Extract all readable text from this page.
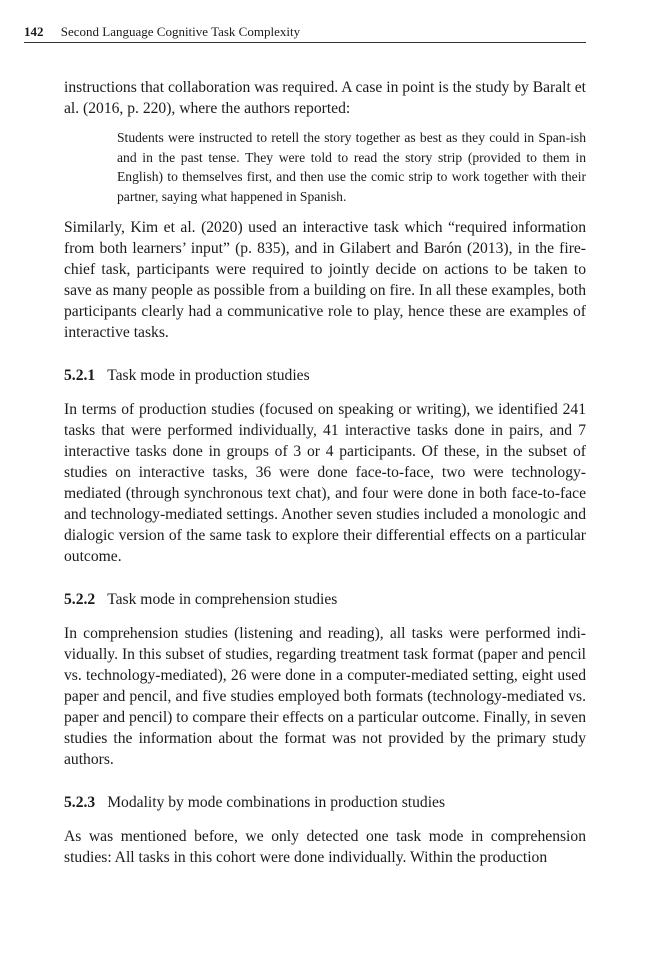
142 Second Language Cognitive Task Complexity

instructions that collaboration was required. A case in point is the study by Baralt et al. (2016, p. 220), where the authors reported:

Students were instructed to retell the story together as best as they could in Span-ish and in the past tense. They were told to read the story strip (provided to them in English) to themselves first, and then use the comic strip to work together with their partner, saying what happened in Spanish.

Similarly, Kim et al. (2020) used an interactive task which “required information from both learners’ input” (p. 835), and in Gilabert and Barón (2013), in the fire-chief task, participants were required to jointly decide on actions to be taken to save as many people as possible from a building on fire. In all these examples, both participants clearly had a communicative role to play, hence these are examples of interactive tasks.

5.2.1 Task mode in production studies

In terms of production studies (focused on speaking or writing), we identified 241 tasks that were performed individually, 41 interactive tasks done in pairs, and 7 interactive tasks done in groups of 3 or 4 participants. Of these, in the subset of studies on interactive tasks, 36 were done face-to-face, two were technology-mediated (through synchronous text chat), and four were done in both face-to-face and technology-mediated settings. Another seven studies included a monologic and dialogic version of the same task to explore their differential effects on a particular outcome.

5.2.2 Task mode in comprehension studies

In comprehension studies (listening and reading), all tasks were performed indi-vidually. In this subset of studies, regarding treatment task format (paper and pencil vs. technology-mediated), 26 were done in a computer-mediated setting, eight used paper and pencil, and five studies employed both formats (technology-mediated vs. paper and pencil) to compare their effects on a particular outcome. Finally, in seven studies the information about the format was not provided by the primary study authors.

5.2.3 Modality by mode combinations in production studies

As was mentioned before, we only detected one task mode in comprehension studies: All tasks in this cohort were done individually. Within the production
